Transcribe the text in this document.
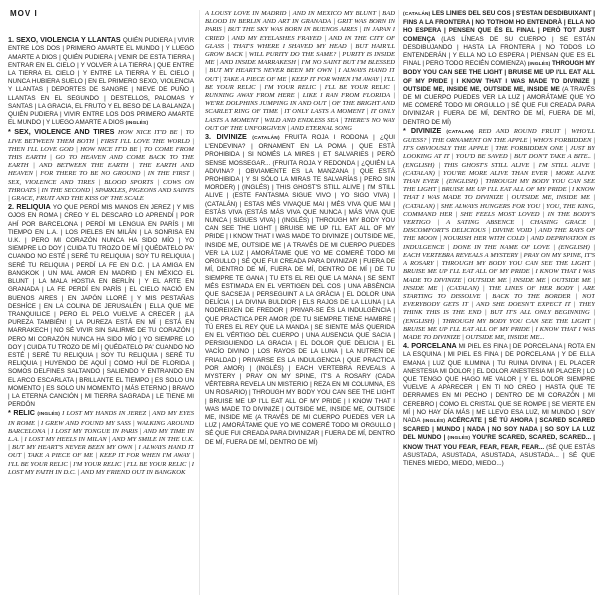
MOV I

1. SEXO, VIOLENCIA Y LLANTAS QUIÉN PUDIERA | VIVIR ENTRE LOS DOS | PRIMERO AMARTE EL MUNDO | Y LUEGO AMARTE A DIOS | QUIÉN PUDIERA | VENIR DE ESTA TIERRA | ENTRAR EN EL CIELO | Y VOLVER A LA TIERRA | QUE ENTRE LA TIERRA EL CIELO | Y ENTRE LA TIERRA Y EL CIELO | NUNCA HUBIERA SUELO | EN EL PRIMERO SEXO, VIOLENCIA Y LLANTAS | DEPORTES DE SANGRE | NIEVE DE PUÑO | LLANTAS EN EL SEGUNDO | DESTELLOS, PALOMAS Y SANTAS | LA GRACIA, EL FRUTO Y EL BESO DE LA BALANZA | QUIÉN PUDIERA | VIVIR ENTRE LOS DOS PRIMERO AMARTE EL MUNDO | Y LUEGO AMARTE A DIOS (INGLÉS)

* SEX, VIOLENCE AND TIRES HOW NICE IT'D BE | TO LIVE BETWEEN THEM BOTH | FIRST I'LL LOVE THE WORLD | THEN I'LL LOVE GOD | HOW NICE IT'D BE | TO COME FROM THIS EARTH | GO TO HEAVEN AND COME BACK TO THE EARTH | AND BETWEEN THE EARTH | THE EARTH AND HEAVEN | FOR THERE TO BE NO GROUND | IN THE FIRST | SEX, VIOLENCE AND TIRES | BLOOD SPORTS | COWS ON THROATS | IN THE SECOND | SPARKLES, PIGEONS AND SAINTS | GRACE, FRUIT AND THE KISS OF THE SCALE

2. RELIQUIA YO QUE PERDÍ MIS MANOS EN JEREZ | Y MIS OJOS EN ROMA | CREO Y EL DESCARO LO APRENDÍ | POR AHÍ POR BARCELONA | PERDÍ MI LENGUA EN PARÍS | MI TIEMPO EN L.A. | LOS PIELES EN MILÁN | LA SONRISA EN U.K. | PERO MI CORAZÓN NUNCA HA SIDO MÍO | YO SIEMPRE LO DOY | CUIDA TU TROZO DE MÍ | QUÉDATELO PA' CUANDO NO ESTÉ | SERÉ TU RELIQUIA | SOY TU RELIQUIA | SERÉ TU RELIQUIA | PERDÍ LA FE EN D.C. | LA AMIGA EN BANGKOK | UN MAL AMOR EN MADRID | EN MÉXICO EL BLUNT | LA MALA HOSTIA EN BERLÍN | Y EL ARTE EN GRANADA | LA FE PERDÍ EN PARÍS | EL CIELO NACIÓ EN BUENOS AIRES | EN JAPÓN LLORÉ | Y MIS PESTAÑAS DESHÍCE | EN LA COLINA DE JERUSALÉN | ELLA QUE ME TRANQUILICE | PERO EL PELO VUELVE A CRECER | ¡LA PUREZA TAMBIÉN! | LA PUREZA ESTÁ EN MÍ | ESTÁ EN MARRAKECH | NO SÉ VIVIR SIN SALIRME DE TU CORAZÓN | PERO MI CORAZÓN NUNCA HA SIDO MÍO | YO SIEMPRE LO DOY | CUIDA TU TROZO DE MÍ | QUÉDATELO PA' CUANDO NO ESTÉ | SERÉ TU RELIQUIA | SOY TU RELIQUIA | SERÉ TU RELIQUIA | HUYENDO DE AQUÍ | COMO HUÍ DE FLORIDA | SOMOS DELFINES SALTANDO | SALIENDO Y ENTRANDO EN EL ARCO ESCARLATA | BRILLANTE EL TIEMPO | ES SOLO UN MOMENTO | ES SOLO UN MOMENTO | MÁS ETERNO | BRAVO | LA ETERNA CANCIÓN | MI TIERRA SAGRADA | LE TIENE MI PERDÓN

* RELIC (INGLÉS) I LOST MY HANDS IN JEREZ | AND MY EYES IN ROME | I GREW AND FOUND MY SASS | WALKING AROUND BARCELONA | I LOST MY TONGUE IN PARIS | AND MY TIME IN L.A. | I LOST MY HEELS IN MILAN | AND MY SMILE IN THE U.K. | BUT MY HEART'S NEVER BEEN MY OWN | I ALWAYS HAND IT OUT | TAKE A PIECE OF ME | KEEP IT FOR WHEN I'M AWAY | I'LL BE YOUR RELIC | I'M YOUR RELIC | I'LL BE YOUR RELIC | I LOST MY FAITH IN D.C. | AND MY FRIEND OUT IN BANGKOK

A LOUSY LOVE IN MADRID | AND IN MEXICO MY BLUNT | BAD BLOOD IN BERLIN AND ART IN GRANADA | GRIT WAS BORN IN PARIS | BUT THE SKY WAS BORN IN BUENOS AIRES | IN JAPAN I CRIED | AND MY EYELASHES FRAYED | AND IN THE CITY OF GLASS | THAT'S WHERE I SHAVED MY HEAD | BUT HAIR'LL GROW BACK | WILL PURITY DO THE SAME? | PURITY IS INSIDE ME | AND INSIDE MARRAKESH | I'M NO SAINT BUT I'M BLESSED | BUT MY HEART'S NEVER BEEN MY OWN | I ALWAYS HAND IT OUT | TAKE A PIECE OF ME | KEEP IT FOR WHEN I'M AWAY | I'LL BE YOUR RELIC | I'M YOUR RELIC | I'LL BE YOUR RELIC | RUNNING AWAY FROM HERE | LIKE I RAN FROM FLORIDA | WE'RE DOLPHINS JUMPING IN AND OUT | OF THE BRIGHT AND SCARLET RING OF TIME | IT ONLY LASTS A MOMENT | IT ONLY LASTS A MOMENT | WILD AND ENDLESS SEA | THERE'S NO WAY OUT OF THE UNFORGIVEN | AND ETERNAL SONG

3. DIVINIZE (CATALÁN) FRUITA ROJA I RODONA | ¿QUI L'ENDEVINA? | ORNAMENT EN LA POMA | QUE ESTÀ PROHIBIDA | SI NOMÉS LA MIRES | ET SALVARIES | PERÒ SENSE MOSSEGAR... (FRUITA ROJA Y REDONDA | ¿QUIÉN LA ADIVINA? | OBVIAMENTE ES LA MANZANA | QUE ESTÁ PROHIBIDA | Y SI SÓLO LA MIRAS TE SALVARÍAS | PERO SIN MORDER) | (INGLÉS) | THIS GHOST'S STILL ALIVE | I'M STILL ALIVE | (ESTE FANTASMA SIGUE VIVO | YO SIGO VIVA) | (CATALÁN) | ESTAS MÉS VIVAQUE MAI | MÉS VIVA QUE MAI | ESTÀS VIVA (ESTÁS MÁS VIVA QUE NUNCA | MÁS VIVA QUE NUNCA | SIGUES VIVA) | (INGLÉS) | THROUGH MY BODY YOU CAN SEE THE LIGHT | BRUISE ME UP I'LL EAT ALL OF MY PRIDE | I KNOW THAT I WAS MADE TO DIVINIZE | OUTSIDE ME, INSIDE ME, OUTSIDE ME | A TRAVÉS DE MI CUERPO PUEDES VER LA LUZ | AMORÁTAME QUE YO ME COMERÉ TODO MI ORGULLO | SÉ QUE FUI CREADA PARA DIVINIZAR | FUERA DE MÍ, DENTRO DE MÍ, FUERA DE MÍ, DENTRO DE MÍ | DE TU SIEMPRE TE GANA | TU ETS EL REI QUE LA MANA | SE SENT MÉS ESTIMADA EN EL VERTIGEN DEL COS | UNA ABSÈNCIA QUE SACSEJA | PERSEGUINT A LA GRÀCIA | EL DOLOR UNA DELÍCIA | LA DIVINA BULDIOR | ELS RAJOS DE LA LLUNA | LA NODREIXEN DE FREDOR | PRIVAR-SE ÉS LA INDULGÈNCIA | QUE PRACTICA PER AMOR (DE TU SIEMPRE TIENE HAMBRE | TÚ ERES EL REY QUE LA MANDA | SE SIENTE MÁS QUERIDA EN EL VÉRTIGO DEL CUERPO | UNA AUSENCIA QUE SACIA | PERSIGUIENDO LA GRACIA | EL DOLOR QUE DELICIA | EL VACÍO DIVINO | LOS RAYOS DE LA LUNA | LA NUTREN DE FRIALDAD | PRIVARSE ES LA INDULGENCIA | QUE PRACTICA POR AMOR) | (INGLÉS) | EACH VERTEBRA REVEALS A MYSTERY | PRAY ON MY SPINE, IT'S A ROSARY (CADA VÉRTEBRA REVELA UN MISTERIO | REZA EN MI COLUMNA, ES UN ROSARIO) | THROUGH MY BODY YOU CAN SEE THE LIGHT | BRUISE ME UP I'LL EAT ALL OF MY PRIDE | I KNOW THAT I WAS MADE TO DIVINIZE | OUTSIDE ME, INSIDE ME, OUTSIDE ME, INSIDE ME (A TRAVÉS DE MI CUERPO PUEDES VER LA LUZ | AMORÁTAME QUE YO ME COMERÉ TODO MI ORGULLO | SÉ QUE FUI CREADA PARA DIVINIZAR | FUERA DE MÍ, DENTRO DE MÍ, FUERA DE MÍ, DENTRO DE MÍ)

(CATALÁN) LES LÍNIES DEL SEU COS | S'ESTAN DESDIBUIXANT | FINS A LA FRONTERA | NO TOTHOM HO ENTENDRÀ | ELLA NO HO ESPERA | PENSEN QUE ÉS EL FINAL | PERÒ TOT JUST COMENÇA (LAS LÍNEAS DE SU CUERPO | SE ESTÁN DESDIBUJANDO | HASTA LA FRONTERA | NO TODOS LO ENTENDERÁN | Y ELLA NO LO ESPERA | PIENSAN QUE ES EL FINAL | PERO TODO RECIÉN COMIENZA) (INGLÉS) THROUGH MY BODY YOU CAN SEE THE LIGHT | BRUISE ME UP I'LL EAT ALL OF MY PRIDE | I KNOW THAT I WAS MADE TO DIVINIZE | OUTSIDE ME, INSIDE ME, OUTSIDE ME, INSIDE ME (A TRAVÉS DE MI CUERPO PUEDES VER LA LUZ | AMORÁTAME QUE YO ME COMERÉ TODO MI ORGULLO | SÉ QUE FUI CREADA PARA DIVINIZAR | FUERA DE MÍ, DENTRO DE MÍ, FUERA DE MÍ, DENTRO DE MÍ)

* DIVINIZE (CATALAN) RED AND ROUND FRUIT | WHO'LL GUESS? | THE ORNAMENT ON THE APPLE | WHO'S FORBIDDEN | IT'S OBVIOUSLY THE APPLE | THE FORBIDDEN ONE | JUST BY LOOKING AT IT | YOU'D BE SAVED | BUT DON'T TAKE A BITE.. | (ENGLISH) | THIS GHOST'S STILL ALIVE | I'M STILL ALIVE | (CATALAN) | YOU'RE MORE ALIVE THAN EVER | MORE ALIVE THAN EVER | (ENGLISH) | THROUGH MY BODY YOU CAN SEE THE LIGHT | BRUISE ME UP I'LL EAT ALL OF MY PRIDE | I KNOW THAT I WAS MADE TO DIVINIZE | OUTSIDE ME, INSIDE ME | (CATALAN) | SHE ALWAYS HUNGERS FOR YOU | YOU, THE KING, COMMAND HER | SHE FEELS MOST LOVED | IN THE BODY'S VERTIGO | A SATING ABSENCE | CHASING GRACE | DISCOMFORT'S DELICIOUS | DIVINE VOID | AND THE RAYS OF THE MOON | NOURISH HER WITH COLD | AND DEPRIVATION IS INDULGENCE | DONE IN THE NAME OF LOVE | (ENGLISH) | EACH VERTEBRA REVEALS A MYSTERY | PRAY ON MY SPINE, IT'S A ROSARY | THROUGH MY BODY YOU CAN SEE THE LIGHT | BRUISE ME UP I'LL EAT ALL OF MY PRIDE | I KNOW THAT I WAS MADE TO DIVINIZE | OUTSIDE ME | INSIDE ME | OUTSIDE ME | INSIDE ME | (CATALAN) | THE LINES OF HER BODY | ARE STARTING TO DISSOLVE | BACK TO THE BORDER | NOT EVERYBODY GETS IT | AND SHE DOESN'T EXPECT IT | THEY THINK THIS IS THE END | BUT IT'S ALL ONLY BEGINNING | (ENGLISH) | THROUGH MY BODY YOU CAN SEE THE LIGHT | BRUISE ME UP I'LL EAT ALL OF MY PRIDE | I KNOW THAT I WAS MADE TO DIVINIZE | OUTSIDE ME, INSIDE ME...

4. PORCELANA MI PIEL ES FINA | DE PORCELANA | ROTA EN LA ESQUINA | MI PIEL ES FINA | DE PORCELANA | Y DE ELLA EMANA | LUZ QUE ILUMINA | TU RUINA DIVINA | EL PLACER ANESTESIA MI DOLOR | EL DOLOR ANESTESIA MI PLACER | LO QUE TENGO QUE HAGO ME VALOR | Y EL DOLOR SIEMPRE VUELVE A APARECER | EN TI NO CREO | HASTA QUE TE DERRAMES EN MI PECHO | DENTRO DE MI CORAZÓN | MI CEREBRO | COMO EL CRISTAL QUE SE ROMPE | SE VIERTE EN MÍ | NO HAY DÍA MÁS | ME LLEVO ESA LUZ, MI MUNDO | SOY NADA (INGLÉS) ACÉRCATE | SÉ TÚ AHORA | SCARED SCARED SCARED | MUNDO | NADA | NO SOY NADA | SO SOY LA LUZ DEL MUNDO | (INGLÉS) YOU'RE SCARED, SCARED, SCARED... | KNOW THAT YOU FEAR, FEAR, FEAR, FEAR... (SÉ QUE ESTÁS ASUSTADA, ASUSTADA, ASUSTADA, ASUSTADA... | SÉ QUE TIENES MIEDO, MIEDO, MIEDO...)
